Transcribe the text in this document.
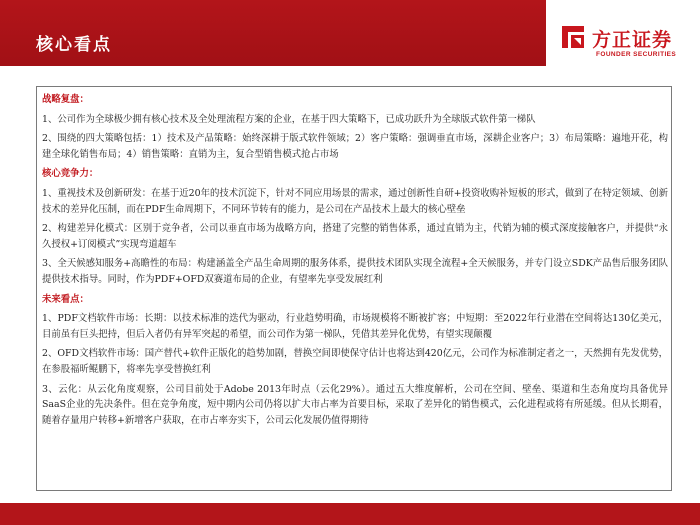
核心看点	方正证券
FOUNDER SECURITIES
战略复盘：
1、公司作为全球极少拥有核心技术及全处理流程方案的企业，在基于四大策略下，已成功跃升为全球版式软件第一梯队
2、围绕的四大策略包括：1）技术及产品策略：始终深耕于版式软件领域；2）客户策略：强调垂直市场，深耕企业客户；3）布局策略：遍地开花，构建全球化销售布局；4）销售策略：直销为主，复合型销售模式抢占市场
核心竞争力：
1、重视技术及创新研发：在基于近20年的技术沉淀下，针对不同应用场景的需求，通过创新性自研+投资收购补短板的形式，做到了在特定领域、创新技术的差异化压制，而在PDF生命周期下，不同环节转有的能力，是公司在产品技术上最大的核心壁垒
2、构建差异化模式：区别于竞争者，公司以垂直市场为战略方向，搭建了完整的销售体系，通过直销为主，代销为辅的模式深度接触客户，并提供“永久授权+订阅模式”实现弯道超车
3、全天候感知服务+高瞻性的布局：构建涵盖全产品生命周期的服务体系，提供技术团队实现全流程+全天候服务，并专门设立SDK产品售后服务团队提供技术指导。同时，作为PDF+OFD双赛道布局的企业，有望率先享受发展红利
未来看点：
1、PDF文档软件市场：长期：以技术标准的迭代为驱动，行业趋势明确，市场规模将不断被扩容；中短期：至2022年行业潜在空间将达130亿美元，目前虽有巨头把持，但后入者仍有异军突起的希望，而公司作为第一梯队，凭借其差异化优势，有望实现颠覆
2、OFD文档软件市场：国产替代+软件正版化的趋势加剧，替换空间即使保守估计也将达到420亿元，公司作为标准制定者之一，天然拥有先发优势，在参股福昕鲲鹏下，将率先享受替换红利
3、云化：从云化角度观察，公司目前处于Adobe 2013年时点（云化29%）。通过五大维度解析，公司在空间、壁垒、渠道和生态角度均具备优异SaaS企业的先决条件。但在竞争角度，短中期内公司仍将以扩大市占率为首要目标，采取了差异化的销售模式，云化进程或将有所延缓。但从长期看，随着存量用户转移+新增客户获取，在市占率夯实下，公司云化发展仍值得期待
